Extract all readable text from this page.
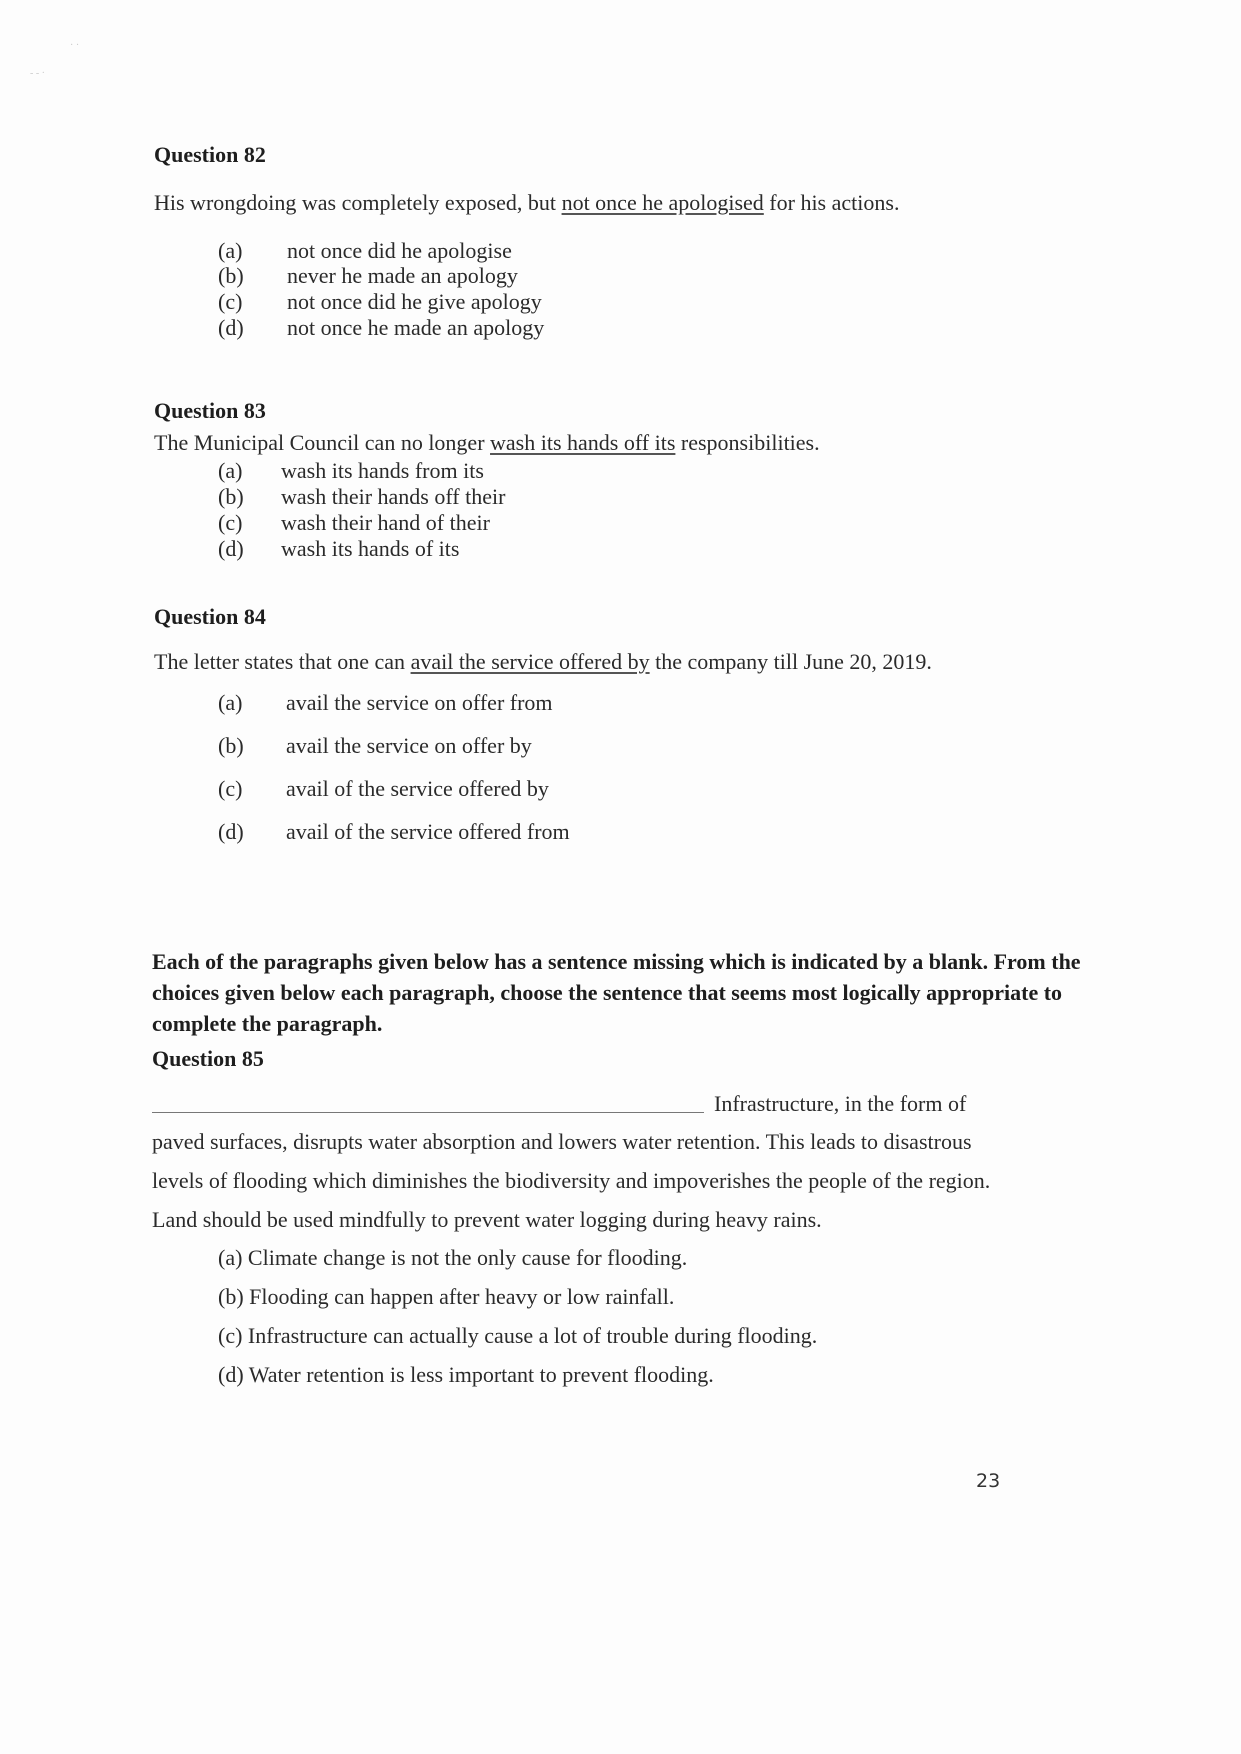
· ·
- - ·
Question 82
His wrongdoing was completely exposed, but not once he apologised for his actions.
(a) not once did he apologise
(b) never he made an apology
(c) not once did he give apology
(d) not once he made an apology
Question 83
The Municipal Council can no longer wash its hands off its responsibilities.
(a) wash its hands from its
(b) wash their hands off their
(c) wash their hand of their
(d) wash its hands of its
Question 84
The letter states that one can avail the service offered by the company till June 20, 2019.
(a) avail the service on offer from
(b) avail the service on offer by
(c) avail of the service offered by
(d) avail of the service offered from
Each of the paragraphs given below has a sentence missing which is indicated by a blank. From the choices given below each paragraph, choose the sentence that seems most logically appropriate to complete the paragraph.
Question 85
Infrastructure, in the form of
paved surfaces, disrupts water absorption and lowers water retention. This leads to disastrous
levels of flooding which diminishes the biodiversity and impoverishes the people of the region.
Land should be used mindfully to prevent water logging during heavy rains.
(a) Climate change is not the only cause for flooding.
(b) Flooding can happen after heavy or low rainfall.
(c) Infrastructure can actually cause a lot of trouble during flooding.
(d) Water retention is less important to prevent flooding.
23
